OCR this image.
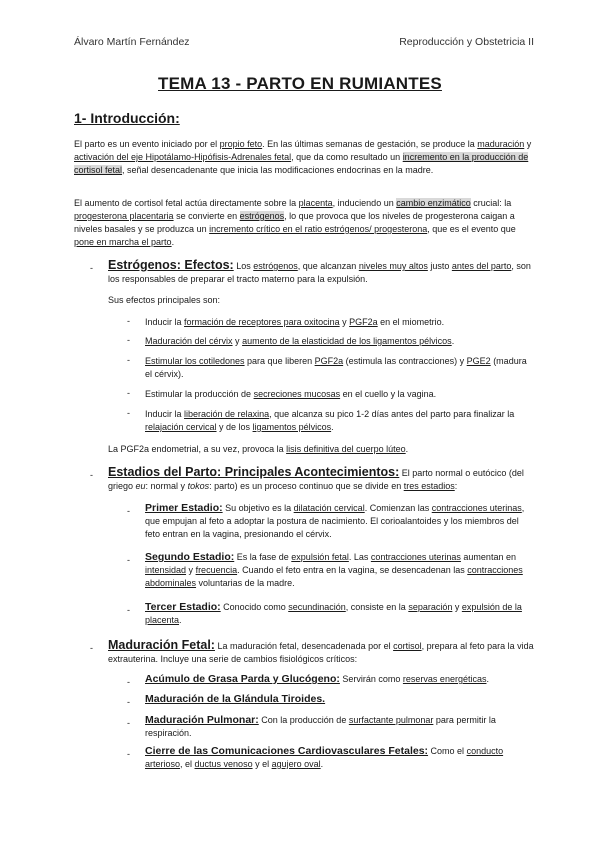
Álvaro Martín Fernández	Reproducción y Obstetricia II
TEMA 13 - PARTO EN RUMIANTES
1- Introducción:

El parto es un evento iniciado por el propio feto. En las últimas semanas de gestación, se produce la maduración y activación del eje Hipotálamo-Hipófisis-Adrenales fetal, que da como resultado un incremento en la producción de cortisol fetal, señal desencadenante que inicia las modificaciones endocrinas en la madre.

El aumento de cortisol fetal actúa directamente sobre la placenta, induciendo un cambio enzimático crucial: la progesterona placentaria se convierte en estrógenos, lo que provoca que los niveles de progesterona caigan a niveles basales y se produzca un incremento crítico en el ratio estrógenos/ progesterona, que es el evento que pone en marcha el parto.

- Estrógenos: Efectos: Los estrógenos, que alcanzan niveles muy altos justo antes del parto, son los responsables de preparar el tracto materno para la expulsión.

Sus efectos principales son:

- Inducir la formación de receptores para oxitocina y PGF2a en el miometrio.

- Maduración del cérvix y aumento de la elasticidad de los ligamentos pélvicos.

- Estimular los cotiledones para que liberen PGF2a (estimula las contracciones) y PGE2 (madura el cérvix).

- Estimular la producción de secreciones mucosas en el cuello y la vagina.

- Inducir la liberación de relaxina, que alcanza su pico 1-2 días antes del parto para finalizar la relajación cervical y de los ligamentos pélvicos.

La PGF2a endometrial, a su vez, provoca la lisis definitiva del cuerpo lúteo.

- Estadios del Parto: Principales Acontecimientos: El parto normal o eutócico (del griego eu: normal y tokos: parto) es un proceso continuo que se divide en tres estadios:

- Primer Estadio: Su objetivo es la dilatación cervical. Comienzan las contracciones uterinas, que empujan al feto a adoptar la postura de nacimiento. El corioalantoides y los miembros del feto entran en la vagina, presionando el cérvix.

- Segundo Estadio: Es la fase de expulsión fetal. Las contracciones uterinas aumentan en intensidad y frecuencia. Cuando el feto entra en la vagina, se desencadenan las contracciones abdominales voluntarias de la madre.

- Tercer Estadio: Conocido como secundinación, consiste en la separación y expulsión de la placenta.

- Maduración Fetal: La maduración fetal, desencadenada por el cortisol, prepara al feto para la vida extrauterina. Incluye una serie de cambios fisiológicos críticos:

- Acúmulo de Grasa Parda y Glucógeno: Servirán como reservas energéticas.

- Maduración de la Glándula Tiroides.

- Maduración Pulmonar: Con la producción de surfactante pulmonar para permitir la respiración.

- Cierre de las Comunicaciones Cardiovasculares Fetales: Como el conducto arterioso, el ductus venoso y el agujero oval.
